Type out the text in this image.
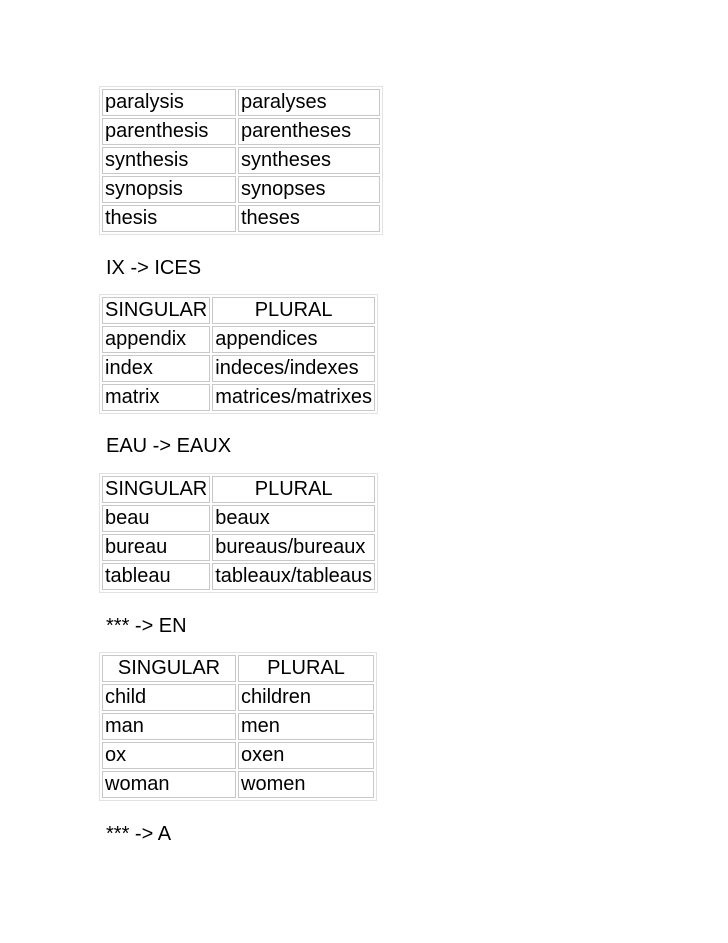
paralysis	paralyses
parenthesis	parentheses
synthesis	syntheses
synopsis	synopses
thesis	theses
IX -> ICES
SINGULAR	PLURAL
appendix	appendices
index	indeces/indexes
matrix	matrices/matrixes
EAU -> EAUX
SINGULAR	PLURAL
beau	beaux
bureau	bureaus/bureaux
tableau	tableaux/tableaus
*** -> EN
SINGULAR	PLURAL
child	children
man	men
ox	oxen
woman	women
*** -> A
